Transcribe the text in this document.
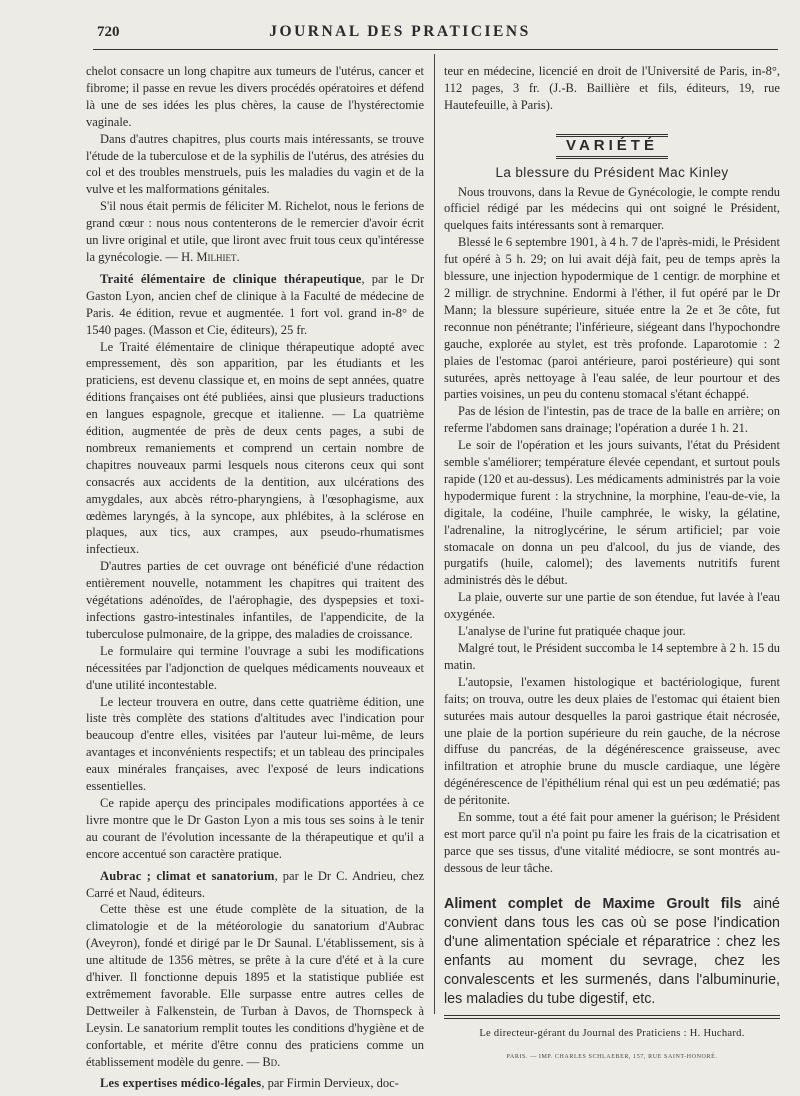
720	JOURNAL DES PRATICIENS

chelot consacre un long chapitre aux tumeurs de l'utérus, cancer et fibrome; il passe en revue les divers procédés opératoires et défend là une de ses idées les plus chères, la cause de l'hystérectomie vaginale.

Dans d'autres chapitres, plus courts mais intéressants, se trouve l'étude de la tuberculose et de la syphilis de l'utérus, des atrésies du col et des troubles menstruels, puis les maladies du vagin et de la vulve et les malformations génitales.

S'il nous était permis de féliciter M. Richelot, nous le ferions de grand cœur : nous nous contenterons de le remercier d'avoir écrit un livre original et utile, que liront avec fruit tous ceux qu'intéresse la gynécologie. — H. Milhiet.

Traité élémentaire de clinique thérapeutique, par le Dr Gaston Lyon, ancien chef de clinique à la Faculté de médecine de Paris. 4e édition, revue et augmentée. 1 fort vol. grand in-8° de 1540 pages. (Masson et Cie, éditeurs), 25 fr.

Le Traité élémentaire de clinique thérapeutique adopté avec empressement, dès son apparition, par les étudiants et les praticiens, est devenu classique et, en moins de sept années, quatre éditions françaises ont été publiées, ainsi que plusieurs traductions en langues espagnole, grecque et italienne. — La quatrième édition, augmentée de près de deux cents pages, a subi de nombreux remaniements et comprend un certain nombre de chapitres nouveaux parmi lesquels nous citerons ceux qui sont consacrés aux accidents de la dentition, aux ulcérations des amygdales, aux abcès rétro-pharyngiens, à l'œsophagisme, aux œdèmes laryngés, à la syncope, aux phlébites, à la sclérose en plaques, aux tics, aux crampes, aux pseudo-rhumatismes infectieux.

D'autres parties de cet ouvrage ont bénéficié d'une rédaction entièrement nouvelle, notamment les chapitres qui traitent des végétations adénoïdes, de l'aérophagie, des dyspepsies et toxi-infections gastro-intestinales infantiles, de l'appendicite, de la tuberculose pulmonaire, de la grippe, des maladies de croissance.

Le formulaire qui termine l'ouvrage a subi les modifications nécessitées par l'adjonction de quelques médicaments nouveaux et d'une utilité incontestable.

Le lecteur trouvera en outre, dans cette quatrième édition, une liste très complète des stations d'altitudes avec l'indication pour beaucoup d'entre elles, visitées par l'auteur lui-même, de leurs avantages et inconvénients respectifs; et un tableau des principales eaux minérales françaises, avec l'exposé de leurs indications essentielles.

Ce rapide aperçu des principales modifications apportées à ce livre montre que le Dr Gaston Lyon a mis tous ses soins à le tenir au courant de l'évolution incessante de la thérapeutique et qu'il a encore accentué son caractère pratique.

Aubrac ; climat et sanatorium, par le Dr C. Andrieu, chez Carré et Naud, éditeurs.

Cette thèse est une étude complète de la situation, de la climatologie et de la météorologie du sanatorium d'Aubrac (Aveyron), fondé et dirigé par le Dr Saunal. L'établissement, sis à une altitude de 1356 mètres, se prête à la cure d'été et à la cure d'hiver. Il fonctionne depuis 1895 et la statistique publiée est extrêmement favorable. Elle surpasse entre autres celles de Dettweiler à Falkenstein, de Turban à Davos, de Thornspeck à Leysin. Le sanatorium remplit toutes les conditions d'hygiène et de confortable, et mérite d'être connu des praticiens comme un établissement modèle du genre. — Bd.

Les expertises médico-légales, par Firmin Dervieux, doc-

teur en médecine, licencié en droit de l'Université de Paris, in-8°, 112 pages, 3 fr. (J.-B. Baillière et fils, éditeurs, 19, rue Hautefeuille, à Paris).

VARIÉTÉ
La blessure du Président Mac Kinley

Nous trouvons, dans la Revue de Gynécologie, le compte rendu officiel rédigé par les médecins qui ont soigné le Président, quelques faits intéressants sont à remarquer.

Blessé le 6 septembre 1901, à 4 h. 7 de l'après-midi, le Président fut opéré à 5 h. 29; on lui avait déjà fait, peu de temps après la blessure, une injection hypodermique de 1 centigr. de morphine et 2 milligr. de strychnine. Endormi à l'éther, il fut opéré par le Dr Mann; la blessure supérieure, située entre la 2e et 3e côte, fut reconnue non pénétrante; l'inférieure, siégeant dans l'hypochondre gauche, explorée au stylet, est très profonde. Laparotomie : 2 plaies de l'estomac (paroi antérieure, paroi postérieure) qui sont suturées, après nettoyage à l'eau salée, de leur pourtour et des parties voisines, un peu du contenu stomacal s'étant échappé.

Pas de lésion de l'intestin, pas de trace de la balle en arrière; on referme l'abdomen sans drainage; l'opération a durée 1 h. 21.

Le soir de l'opération et les jours suivants, l'état du Président semble s'améliorer; température élevée cependant, et surtout pouls rapide (120 et au-dessus). Les médicaments administrés par la voie hypodermique furent : la strychnine, la morphine, l'eau-de-vie, la digitale, la codéine, l'huile camphrée, le wisky, la gélatine, l'adrenaline, la nitroglycérine, le sérum artificiel; par voie stomacale on donna un peu d'alcool, du jus de viande, des purgatifs (huile, calomel); des lavements nutritifs furent administrés dès le début.

La plaie, ouverte sur une partie de son étendue, fut lavée à l'eau oxygénée.

L'analyse de l'urine fut pratiquée chaque jour.

Malgré tout, le Président succomba le 14 septembre à 2 h. 15 du matin.

L'autopsie, l'examen histologique et bactériologique, furent faits; on trouva, outre les deux plaies de l'estomac qui étaient bien suturées mais autour desquelles la paroi gastrique était nécrosée, une plaie de la portion supérieure du rein gauche, de la nécrose diffuse du pancréas, de la dégénérescence graisseuse, avec infiltration et atrophie brune du muscle cardiaque, une légère dégénérescence de l'épithélium rénal qui est un peu œdématié; pas de péritonite.

En somme, tout a été fait pour amener la guérison; le Président est mort parce qu'il n'a point pu faire les frais de la cicatrisation et parce que ses tissus, d'une vitalité médiocre, se sont montrés au-dessous de leur tâche.

Aliment complet de Maxime Groult fils ainé convient dans tous les cas où se pose l'indication d'une alimentation spéciale et réparatrice : chez les enfants au moment du sevrage, chez les convalescents et les surmenés, dans l'albuminurie, les maladies du tube digestif, etc.
Le directeur-gérant du Journal des Praticiens : H. Huchard.
PARIS. — IMP. CHARLES SCHLAEBER, 157, RUE SAINT-HONORÉ.
